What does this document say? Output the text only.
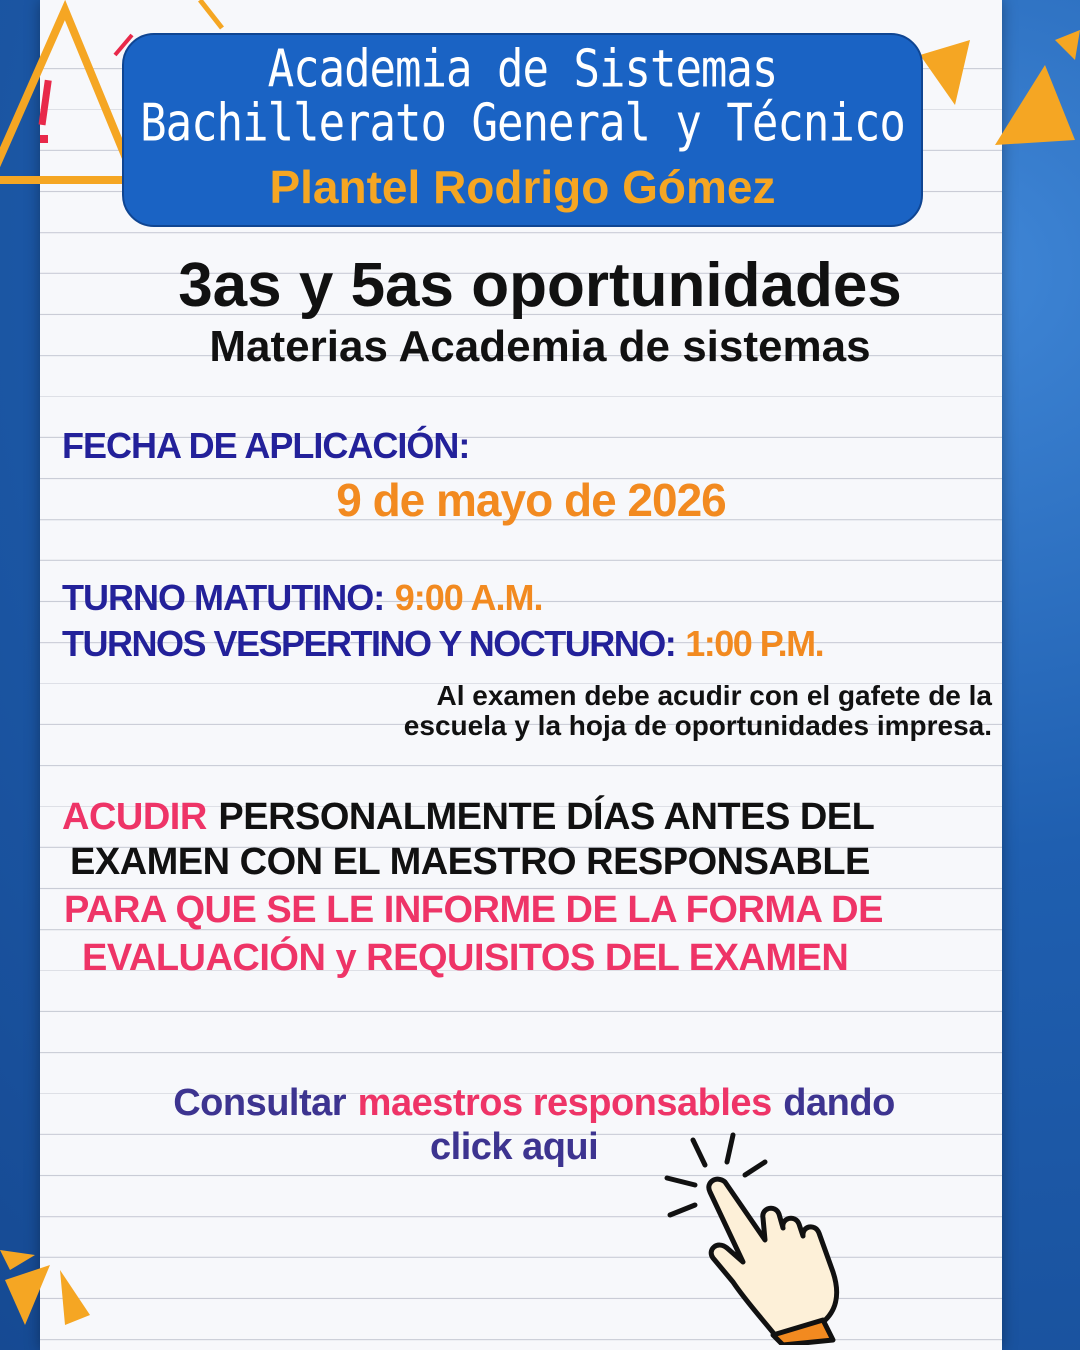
Academia de Sistemas
Bachillerato General y Técnico
Plantel Rodrigo Gómez
3as y 5as oportunidades
Materias Academia de sistemas
FECHA DE APLICACIÓN:
9 de mayo de 2026
TURNO MATUTINO: 9:00 A.M.
TURNOS VESPERTINO Y NOCTURNO: 1:00 P.M.
Al examen debe acudir con el gafete de la
escuela y la hoja de oportunidades impresa.
ACUDIR PERSONALMENTE DÍAS ANTES DEL
EXAMEN CON EL MAESTRO RESPONSABLE
PARA QUE SE LE INFORME DE LA FORMA DE
EVALUACIÓN y REQUISITOS DEL EXAMEN
Consultar maestros responsables dando
click aqui
